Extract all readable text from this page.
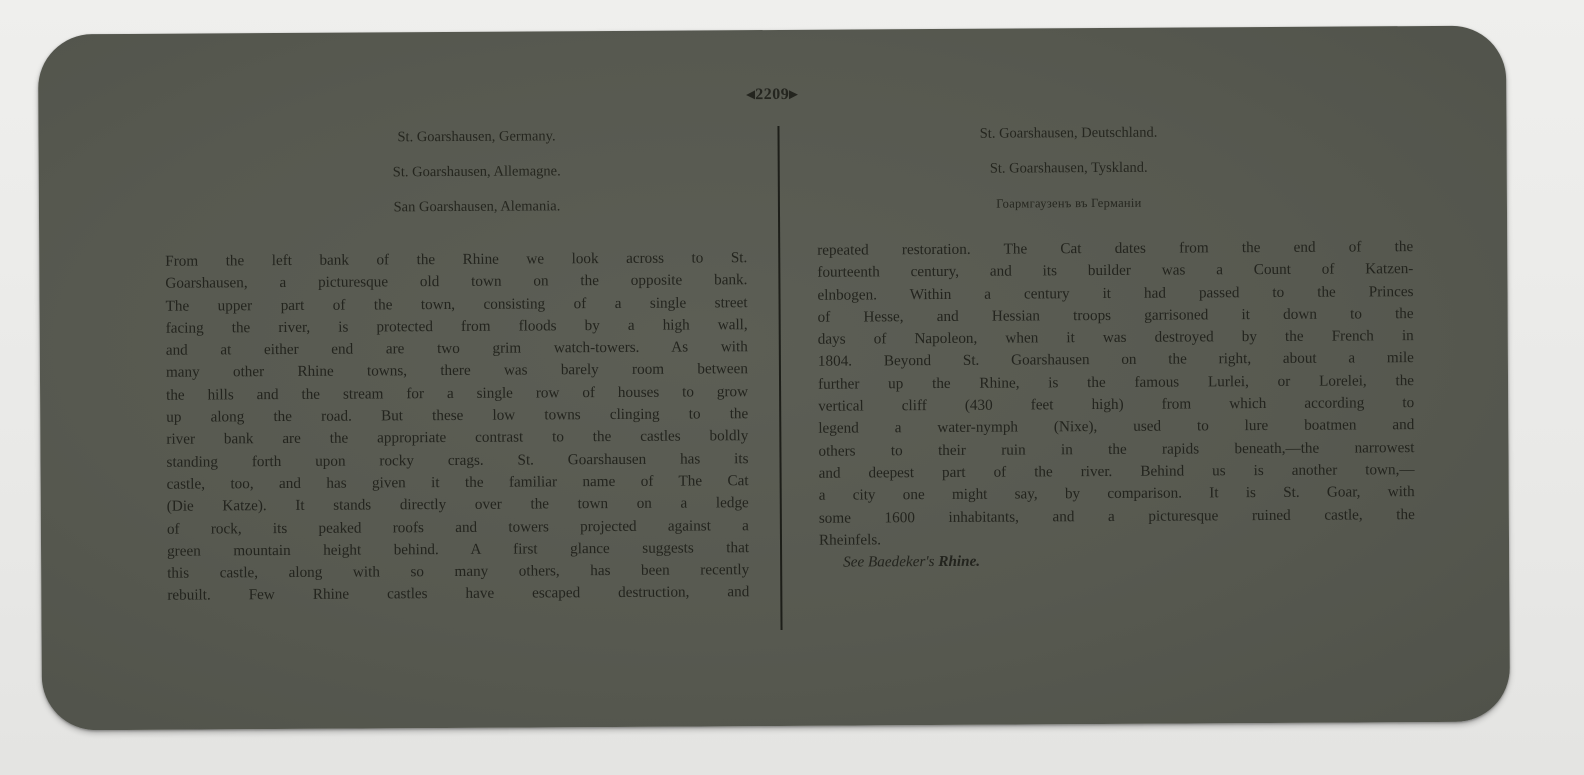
◂2209▸
St. Goarshausen, Germany.
St. Goarshausen, Allemagne.
San Goarshausen, Alemania.
St. Goarshausen, Deutschland.
St. Goarshausen, Tyskland.
Гоармгаузенъ въ Германіи
From the left bank of the Rhine we look across to St.
Goarshausen, a picturesque old town on the opposite bank.
The upper part of the town, consisting of a single street
facing the river, is protected from floods by a high wall,
and at either end are two grim watch-towers. As with
many other Rhine towns, there was barely room between
the hills and the stream for a single row of houses to grow
up along the road. But these low towns clinging to the
river bank are the appropriate contrast to the castles boldly
standing forth upon rocky crags. St. Goarshausen has its
castle, too, and has given it the familiar name of The Cat
(Die Katze). It stands directly over the town on a ledge
of rock, its peaked roofs and towers projected against a
green mountain height behind. A first glance suggests that
this castle, along with so many others, has been recently
rebuilt. Few Rhine castles have escaped destruction, and
repeated restoration. The Cat dates from the end of the
fourteenth century, and its builder was a Count of Katzen-
elnbogen. Within a century it had passed to the Princes
of Hesse, and Hessian troops garrisoned it down to the
days of Napoleon, when it was destroyed by the French in
1804. Beyond St. Goarshausen on the right, about a mile
further up the Rhine, is the famous Lurlei, or Lorelei, the
vertical cliff (430 feet high) from which according to
legend a water-nymph (Nixe), used to lure boatmen and
others to their ruin in the rapids beneath,—the narrowest
and deepest part of the river. Behind us is another town,—
a city one might say, by comparison. It is St. Goar, with
some 1600 inhabitants, and a picturesque ruined castle, the
Rheinfels.
See Baedeker's Rhine.
